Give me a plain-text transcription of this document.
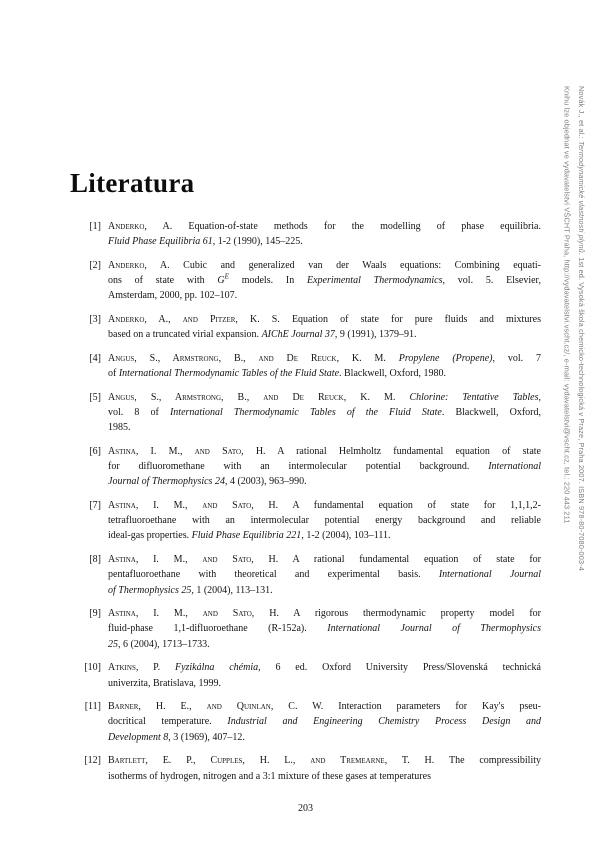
Literatura
[1] Anderko, A. Equation-of-state methods for the modelling of phase equilibria.
Fluid Phase Equilibria 61, 1-2 (1990), 145–225.
[2] Anderko, A. Cubic and generalized van der Waals equations: Combining equati-
ons of state with $G^E$ models. In Experimental Thermodynamics, vol. 5. Elsevier,
Amsterdam, 2000, pp. 102–107.
[3] Anderko, A., and Pitzer, K. S. Equation of state for pure fluids and mixtures
based on a truncated virial expansion. AIChE Journal 37, 9 (1991), 1379–91.
[4] Angus, S., Armstrong, B., and De Reuck, K. M. Propylene (Propene), vol. 7
of International Thermodynamic Tables of the Fluid State. Blackwell, Oxford, 1980.
[5] Angus, S., Armstrong, B., and De Reuck, K. M. Chlorine: Tentative Tables,
vol. 8 of International Thermodynamic Tables of the Fluid State. Blackwell, Oxford,
1985.
[6] Astina, I. M., and Sato, H. A rational Helmholtz fundamental equation of state
for difluoromethane with an intermolecular potential background. International
Journal of Thermophysics 24, 4 (2003), 963–990.
[7] Astina, I. M., and Sato, H. A fundamental equation of state for 1,1,1,2-
tetrafluoroethane with an intermolecular potential energy background and reliable
ideal-gas properties. Fluid Phase Equilibria 221, 1-2 (2004), 103–111.
[8] Astina, I. M., and Sato, H. A rational fundamental equation of state for
pentafluoroethane with theoretical and experimental basis. International Journal
of Thermophysics 25, 1 (2004), 113–131.
[9] Astina, I. M., and Sato, H. A rigorous thermodynamic property model for
fluid-phase 1,1-difluoroethane (R-152a). International Journal of Thermophysics
25, 6 (2004), 1713–1733.
[10] Atkins, P. Fyzikálna chémia, 6 ed. Oxford University Press/Slovenská technická
univerzita, Bratislava, 1999.
[11] Barner, H. E., and Quinlan, C. W. Interaction parameters for Kay's pseu-
docritical temperature. Industrial and Engineering Chemistry Process Design and
Development 8, 3 (1969), 407–12.
[12] Bartlett, E. P., Cupples, H. L., and Tremearne, T. H. The compressibility
isotherms of hydrogen, nitrogen and a 3:1 mixture of these gases at temperatures
203
Novák J., et al.: Termodynamické vlastnosti plynů. 1st ed. Vysoká škola chemicko-technologická v Praze, Praha 2007. ISBN 978-80-7080-003-4
Knihu lze objednat ve vydavatelství VŠCHT Praha, http://vydavatelstvi.vscht.cz/, e-mail: vydavatelstvi@vscht.cz, tel.: 220 443 211
